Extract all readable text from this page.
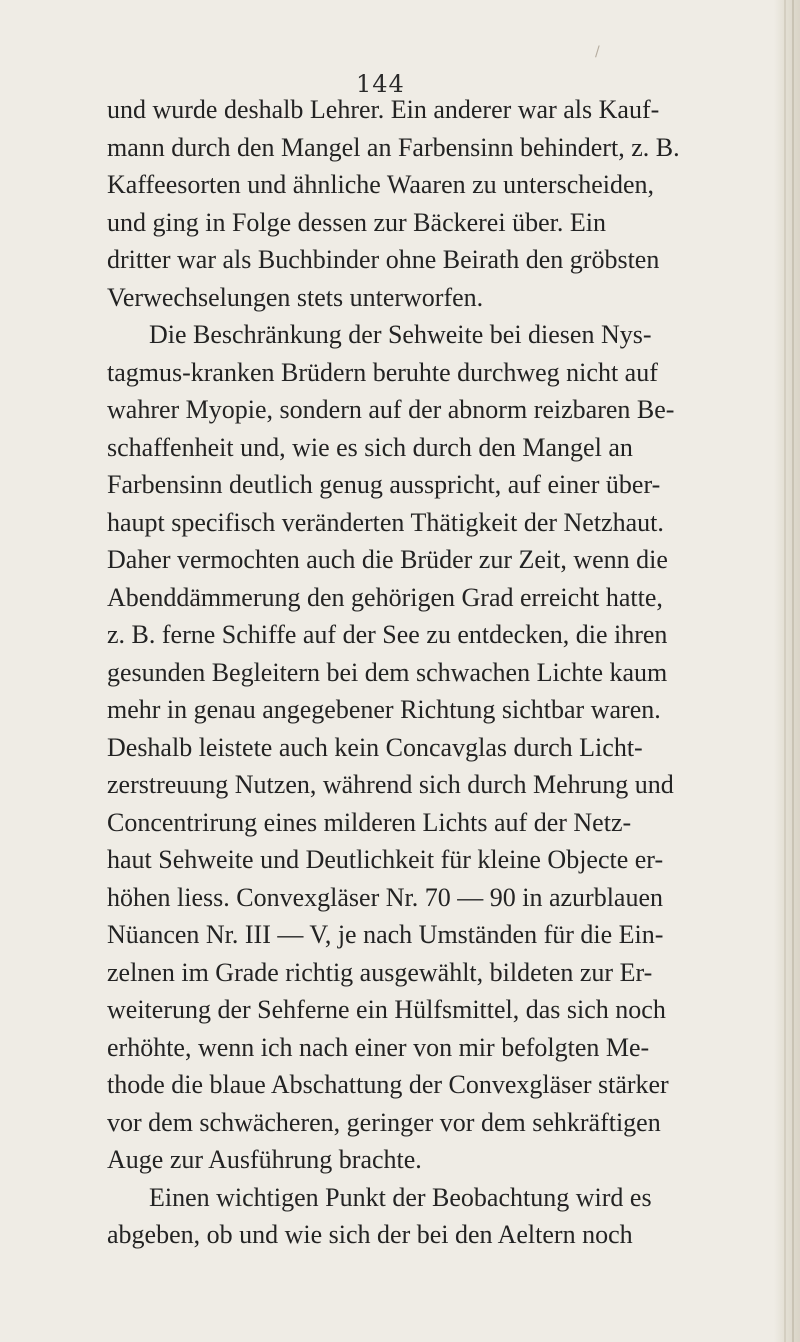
/
144
und wurde deshalb Lehrer. Ein anderer war als Kauf-
mann durch den Mangel an Farbensinn behindert, z. B.
Kaffeesorten und ähnliche Waaren zu unterscheiden,
und ging in Folge dessen zur Bäckerei über. Ein
dritter war als Buchbinder ohne Beirath den gröbsten
Verwechselungen stets unterworfen.
Die Beschränkung der Sehweite bei diesen Nys-
tagmus-kranken Brüdern beruhte durchweg nicht auf
wahrer Myopie, sondern auf der abnorm reizbaren Be-
schaffenheit und, wie es sich durch den Mangel an
Farbensinn deutlich genug ausspricht, auf einer über-
haupt specifisch veränderten Thätigkeit der Netzhaut.
Daher vermochten auch die Brüder zur Zeit, wenn die
Abenddämmerung den gehörigen Grad erreicht hatte,
z. B. ferne Schiffe auf der See zu entdecken, die ihren
gesunden Begleitern bei dem schwachen Lichte kaum
mehr in genau angegebener Richtung sichtbar waren.
Deshalb leistete auch kein Concavglas durch Licht-
zerstreuung Nutzen, während sich durch Mehrung und
Concentrirung eines milderen Lichts auf der Netz-
haut Sehweite und Deutlichkeit für kleine Objecte er-
höhen liess. Convexgläser Nr. 70 — 90 in azurblauen
Nüancen Nr. III — V, je nach Umständen für die Ein-
zelnen im Grade richtig ausgewählt, bildeten zur Er-
weiterung der Sehferne ein Hülfsmittel, das sich noch
erhöhte, wenn ich nach einer von mir befolgten Me-
thode die blaue Abschattung der Convexgläser stärker
vor dem schwächeren, geringer vor dem sehkräftigen
Auge zur Ausführung brachte.
Einen wichtigen Punkt der Beobachtung wird es
abgeben, ob und wie sich der bei den Aeltern noch
